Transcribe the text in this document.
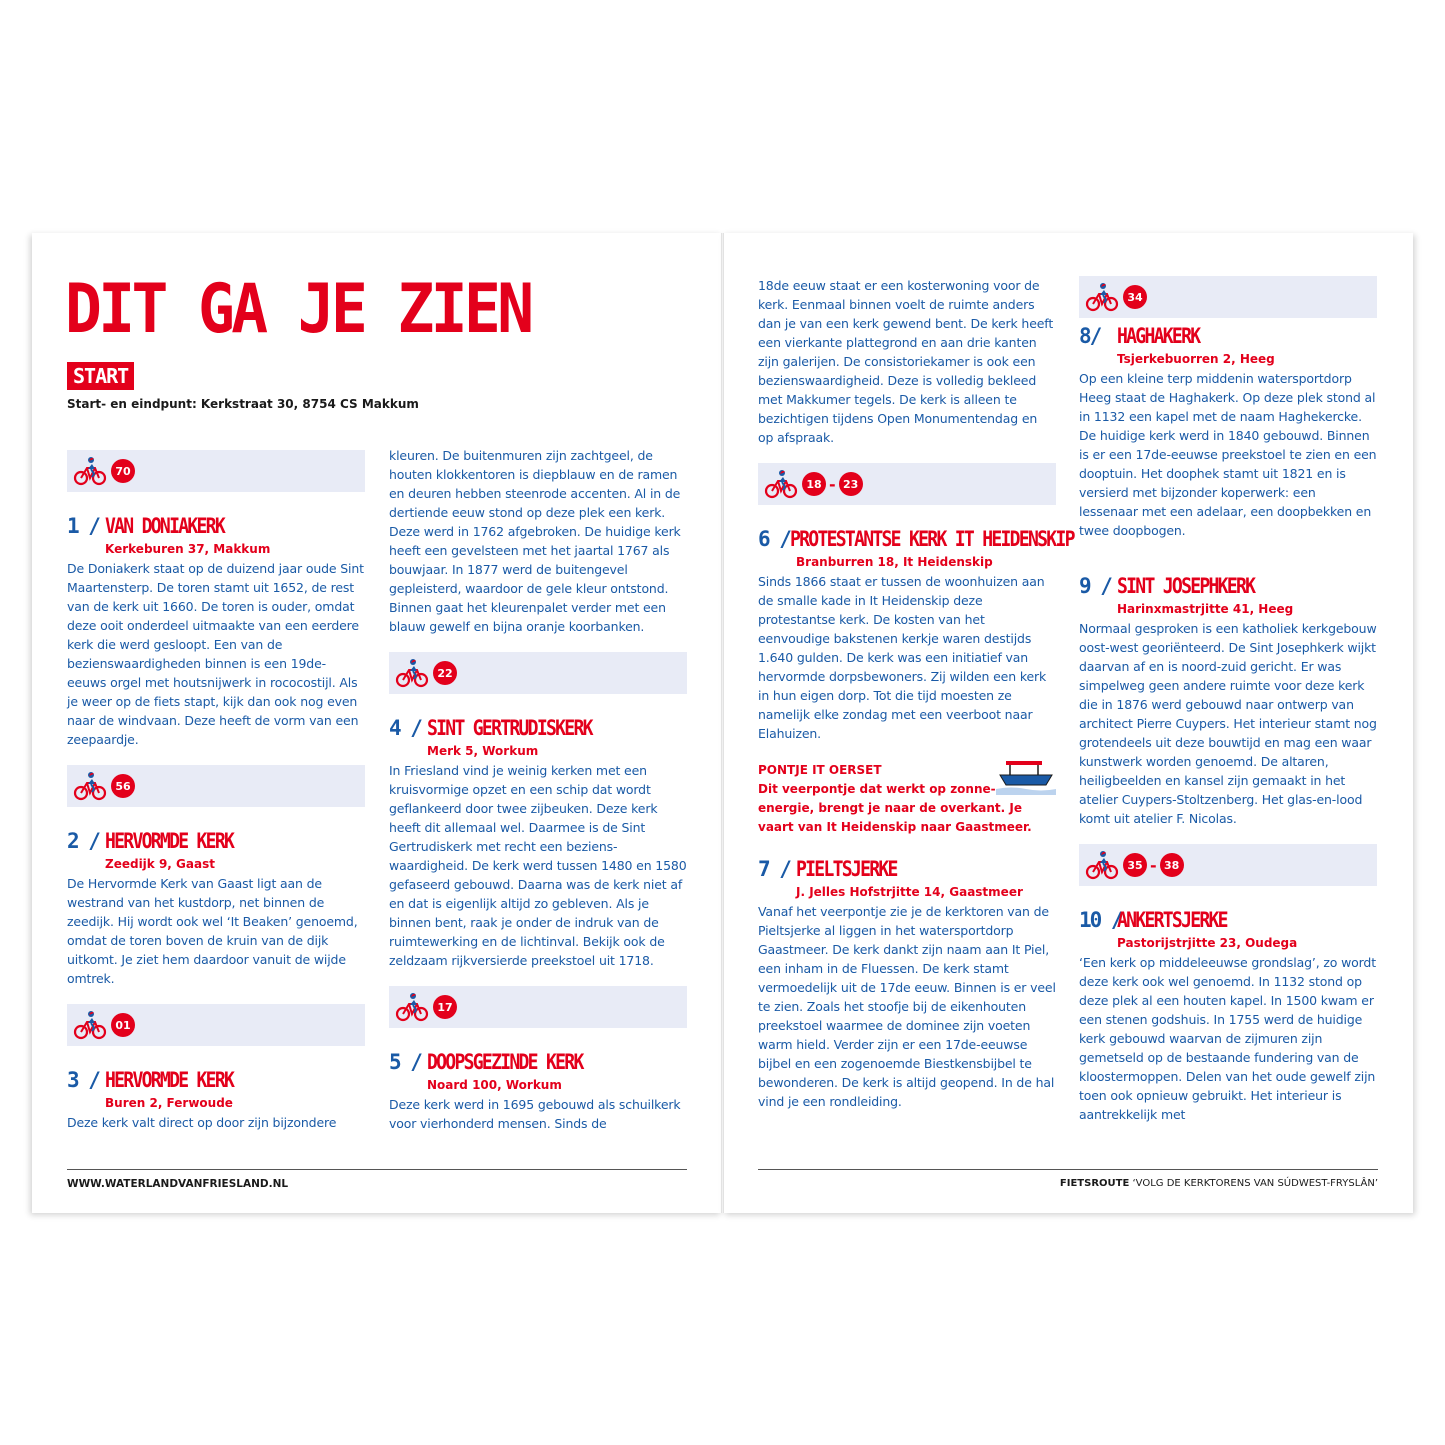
DIT GA JE ZIEN
START
Start- en eindpunt: Kerkstraat 30, 8754 CS Makkum
70
1 / VAN DONIAKERK

Kerkeburen 37, Makkum

De Doniakerk staat op de duizend jaar oude Sint Maartensterp. De toren stamt uit 1652, de rest van de kerk uit 1660. De toren is ouder, omdat deze ooit onderdeel uitmaakte van een eerdere kerk die werd gesloopt. Een van de bezienswaardigheden binnen is een 19de-eeuws orgel met houtsnijwerk in rococostijl. Als je weer op de fiets stapt, kijk dan ook nog even naar de windvaan. Deze heeft de vorm van een zeepaardje.

56
2 / HERVORMDE KERK

Zeedijk 9, Gaast

De Hervormde Kerk van Gaast ligt aan de westrand van het kustdorp, net binnen de zeedijk. Hij wordt ook wel ‘It Beaken’ genoemd, omdat de toren boven de kruin van de dijk uitkomt. Je ziet hem daardoor vanuit de wijde omtrek.

01
3 / HERVORMDE KERK

Buren 2, Ferwoude

Deze kerk valt direct op door zijn bijzondere

kleuren. De buitenmuren zijn zachtgeel, de houten klokkentoren is diepblauw en de ramen en deuren hebben steenrode accenten. Al in de dertiende eeuw stond op deze plek een kerk. Deze werd in 1762 afgebroken. De huidige kerk heeft een gevelsteen met het jaartal 1767 als bouwjaar. In 1877 werd de buitengevel gepleisterd, waardoor de gele kleur ontstond. Binnen gaat het kleurenpalet verder met een blauw gewelf en bijna oranje koorbanken.

22
4 / SINT GERTRUDISKERK

Merk 5, Workum

In Friesland vind je weinig kerken met een kruisvormige opzet en een schip dat wordt geflankeerd door twee zijbeuken. Deze kerk heeft dit allemaal wel. Daarmee is de Sint Gertrudiskerk met recht een beziens-waardigheid. De kerk werd tussen 1480 en 1580 gefaseerd gebouwd. Daarna was de kerk niet af en dat is eigenlijk altijd zo gebleven. Als je binnen bent, raak je onder de indruk van de ruimtewerking en de lichtinval. Bekijk ook de zeldzaam rijkversierde preekstoel uit 1718.

17
5 / DOOPSGEZINDE KERK

Noard 100, Workum

Deze kerk werd in 1695 gebouwd als schuilkerk voor vierhonderd mensen. Sinds de

18de eeuw staat er een kosterwoning voor de kerk. Eenmaal binnen voelt de ruimte anders dan je van een kerk gewend bent. De kerk heeft een vierkante plattegrond en aan drie kanten zijn galerijen. De consistoriekamer is ook een bezienswaardigheid. Deze is volledig bekleed met Makkumer tegels. De kerk is alleen te bezichtigen tijdens Open Monumentendag en op afspraak.

18 - 23
6 / PROTESTANTSE KERK IT HEIDENSKIP

Branburren 18, It Heidenskip

Sinds 1866 staat er tussen de woonhuizen aan de smalle kade in It Heidenskip deze protestantse kerk. De kosten van het eenvoudige bakstenen kerkje waren destijds 1.640 gulden. De kerk was een initiatief van hervormde dorpsbewoners. Zij wilden een kerk in hun eigen dorp. Tot die tijd moesten ze namelijk elke zondag met een veerboot naar Elahuizen.

PONTJE IT OERSET

Dit veerpontje dat werkt op zonne-energie, brengt je naar de overkant. Je vaart van It Heidenskip naar Gaastmeer.

7 / PIELTSJERKE

J. Jelles Hofstrjitte 14, Gaastmeer

Vanaf het veerpontje zie je de kerktoren van de Pieltsjerke al liggen in het watersportdorp Gaastmeer. De kerk dankt zijn naam aan It Piel, een inham in de Fluessen. De kerk stamt vermoedelijk uit de 17de eeuw. Binnen is er veel te zien. Zoals het stoofje bij de eikenhouten preekstoel waarmee de dominee zijn voeten warm hield. Verder zijn er een 17de-eeuwse bijbel en een zogenoemde Biestkensbijbel te bewonderen. De kerk is altijd geopend. In de hal vind je een rondleiding.

34
8/ HAGHAKERK

Tsjerkebuorren 2, Heeg

Op een kleine terp middenin watersportdorp Heeg staat de Haghakerk. Op deze plek stond al in 1132 een kapel met de naam Haghekercke. De huidige kerk werd in 1840 gebouwd. Binnen is er een 17de-eeuwse preekstoel te zien en een dooptuin. Het doophek stamt uit 1821 en is versierd met bijzonder koperwerk: een lessenaar met een adelaar, een doopbekken en twee doopbogen.

9 / SINT JOSEPHKERK

Harinxmastrjitte 41, Heeg

Normaal gesproken is een katholiek kerkgebouw oost-west georiënteerd. De Sint Josephkerk wijkt daarvan af en is noord-zuid gericht. Er was simpelweg geen andere ruimte voor deze kerk die in 1876 werd gebouwd naar ontwerp van architect Pierre Cuypers. Het interieur stamt nog grotendeels uit deze bouwtijd en mag een waar kunstwerk worden genoemd. De altaren, heiligbeelden en kansel zijn gemaakt in het atelier Cuypers-Stoltzenberg. Het glas-en-lood komt uit atelier F. Nicolas.

35 - 38
10 /
ANKERTSJERKE

Pastorijstrjitte 23, Oudega

‘Een kerk op middeleeuwse grondslag’, zo wordt deze kerk ook wel genoemd. In 1132 stond op deze plek al een houten kapel. In 1500 kwam er een stenen godshuis. In 1755 werd de huidige kerk gebouwd waarvan de zijmuren zijn gemetseld op de bestaande fundering van de kloostermoppen. Delen van het oude gewelf zijn toen ook opnieuw gebruikt. Het interieur is aantrekkelijk met

WWW.WATERLANDVANFRIESLAND.NL	FIETSROUTE ‘VOLG DE KERKTORENS VAN SÚDWEST-FRYSLÂN’
